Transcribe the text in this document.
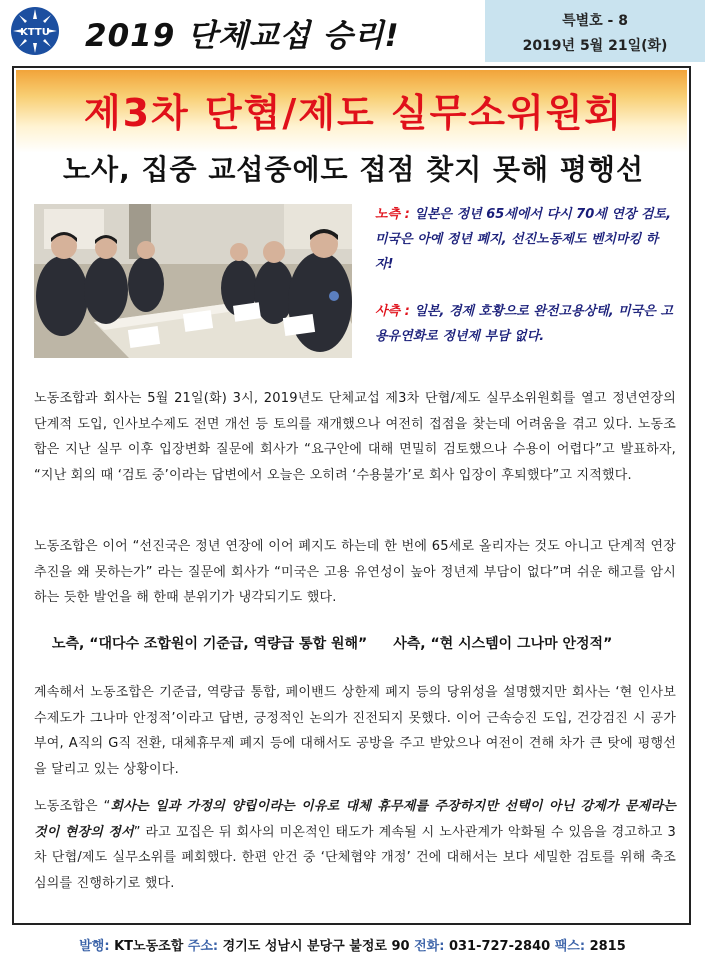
KTTU 2019 단체교섭 승리!	특별호 - 8
2019년 5월 21일(화)
제3차 단협/제도 실무소위원회
노사, 집중 교섭중에도 접점 찾지 못해 평행선

노측 : 일본은 정년 65세에서 다시 70세 연장 검토, 미국은 아예 정년 폐지, 선진노동제도 벤치마킹 하자!

사측 : 일본, 경제 호황으로 완전고용상태, 미국은 고용유연화로 정년제 부담 없다.

노동조합과 회사는 5월 21일(화) 3시, 2019년도 단체교섭 제3차 단협/제도 실무소위원회를 열고 정년연장의 단계적 도입, 인사보수제도 전면 개선 등 토의를 재개했으나 여전히 접점을 찾는데 어려움을 겪고 있다. 노동조합은 지난 실무 이후 입장변화 질문에 회사가 “요구안에 대해 면밀히 검토했으나 수용이 어렵다”고 발표하자, “지난 회의 때 ‘검토 중’이라는 답변에서 오늘은 오히려 ‘수용불가’로 회사 입장이 후퇴했다”고 지적했다.

노동조합은 이어 “선진국은 정년 연장에 이어 폐지도 하는데 한 번에 65세로 올리자는 것도 아니고 단계적 연장 추진을 왜 못하는가” 라는 질문에 회사가 “미국은 고용 유연성이 높아 정년제 부담이 없다”며 쉬운 해고를 암시하는 듯한 발언을 해 한때 분위기가 냉각되기도 했다.

노측, “대다수 조합원이 기준급, 역량급 통합 원해” 사측, “현 시스템이 그나마 안정적”

계속해서 노동조합은 기준급, 역량급 통합, 페이밴드 상한제 폐지 등의 당위성을 설명했지만 회사는 ‘현 인사보수제도가 그나마 안정적’이라고 답변, 긍정적인 논의가 진전되지 못했다. 이어 근속승진 도입, 건강검진 시 공가 부여, A직의 G직 전환, 대체휴무제 폐지 등에 대해서도 공방을 주고 받았으나 여전이 견해 차가 큰 탓에 평행선을 달리고 있는 상황이다.

노동조합은 “회사는 일과 가정의 양립이라는 이유로 대체 휴무제를 주장하지만 선택이 아닌 강제가 문제라는 것이 현장의 정서” 라고 꼬집은 뒤 회사의 미온적인 태도가 계속될 시 노사관계가 악화될 수 있음을 경고하고 3차 단협/제도 실무소위를 폐회했다. 한편 안건 중 ‘단체협약 개정’ 건에 대해서는 보다 세밀한 검토를 위해 축조심의를 진행하기로 했다.

발행: KT노동조합 주소: 경기도 성남시 분당구 불정로 90 전화: 031-727-2840 팩스: 2815
